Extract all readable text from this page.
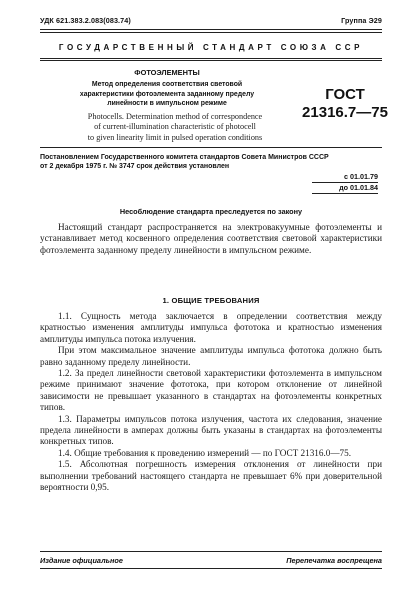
УДК 621.383.2.083(083.74)	Группа Э29
ГОСУДАРСТВЕННЫЙ СТАНДАРТ СОЮЗА ССР
ФОТОЭЛЕМЕНТЫ
Метод определения соответствия световой
характеристики фотоэлемента заданному пределу
линейности в импульсном режиме
Photocells. Determination method of correspondence
of current-illumination characteristic of photocell
to given linearity limit in pulsed operation conditions
ГОСТ
21316.7—75
Постановлением Государственного комитета стандартов Совета Министров СССР
от 2 декабря 1975 г. № 3747 срок действия установлен
с 01.01.79
до 01.01.84
Несоблюдение стандарта преследуется по закону

Настоящий стандарт распространяется на электровакуумные фотоэлементы и устанавливает метод косвенного определения соответствия световой характеристики фотоэлемента заданному пределу линейности в импульсном режиме.

1. ОБЩИЕ ТРЕБОВАНИЯ

1.1. Сущность метода заключается в определении соответствия между кратностью изменения амплитуды импульса фототока и кратностью изменения амплитуды импульса потока излучения.

При этом максимальное значение амплитуды импульса фототока должно быть равно заданному пределу линейности.

1.2. За предел линейности световой характеристики фотоэлемента в импульсном режиме принимают значение фототока, при котором отклонение от линейной зависимости не превышает указанного в стандартах на фотоэлементы конкретных типов.

1.3. Параметры импульсов потока излучения, частота их следования, значение предела линейности в амперах должны быть указаны в стандартах на фотоэлементы конкретных типов.

1.4. Общие требования к проведению измерений — по ГОСТ 21316.0—75.

1.5. Абсолютная погрешность измерения отклонения от линейности при выполнении требований настоящего стандарта не превышает 6% при доверительной вероятности 0,95.

Издание официальное	Перепечатка воспрещена
